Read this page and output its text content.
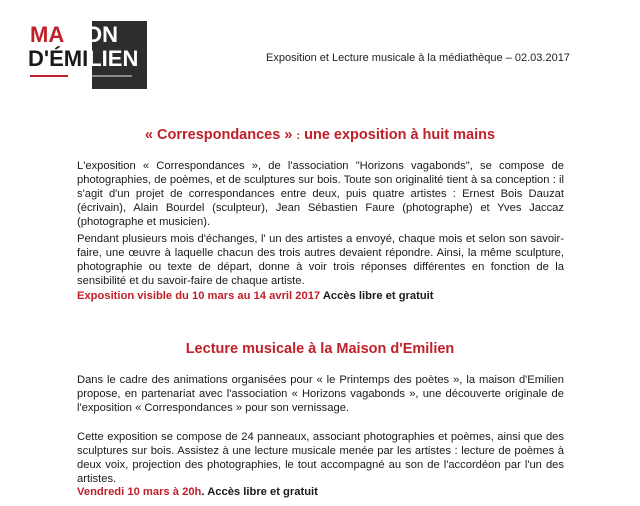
MAISON
D'ÉMILIEN	Exposition et Lecture musicale à la médiathèque – 02.03.2017
« Correspondances » : une exposition à huit mains
L'exposition « Correspondances », de l'association "Horizons vagabonds", se compose de photographies, de poèmes, et de sculptures sur bois. Toute son originalité tient à sa conception : il s'agit d'un projet de correspondances entre deux, puis quatre artistes : Ernest Bois Dauzat (écrivain), Alain Bourdel (sculpteur), Jean Sébastien Faure (photographe) et Yves Jaccaz (photographe et musicien).
Pendant plusieurs mois d'échanges, l' un des artistes a envoyé, chaque mois et selon son savoir-faire, une œuvre à laquelle chacun des trois autres devaient répondre. Ainsi, la même sculpture, photographie ou texte de départ, donne à voir trois réponses différentes en fonction de la sensibilité et du savoir-faire de chaque artiste.
Exposition visible du 10 mars au 14 avril 2017 Accès libre et gratuit
Lecture musicale à la Maison d'Emilien
Dans le cadre des animations organisées pour « le Printemps des poètes », la maison d'Emilien propose, en partenariat avec l'association « Horizons vagabonds », une découverte originale de l'exposition « Correspondances » pour son vernissage.
Cette exposition se compose de 24 panneaux, associant photographies et poèmes, ainsi que des sculptures sur bois. Assistez à une lecture musicale menée par les artistes : lecture de poèmes à deux voix, projection des photographies, le tout accompagné au son de l'accordéon par l'un des artistes.
Vendredi 10 mars à 20h. Accès libre et gratuit
